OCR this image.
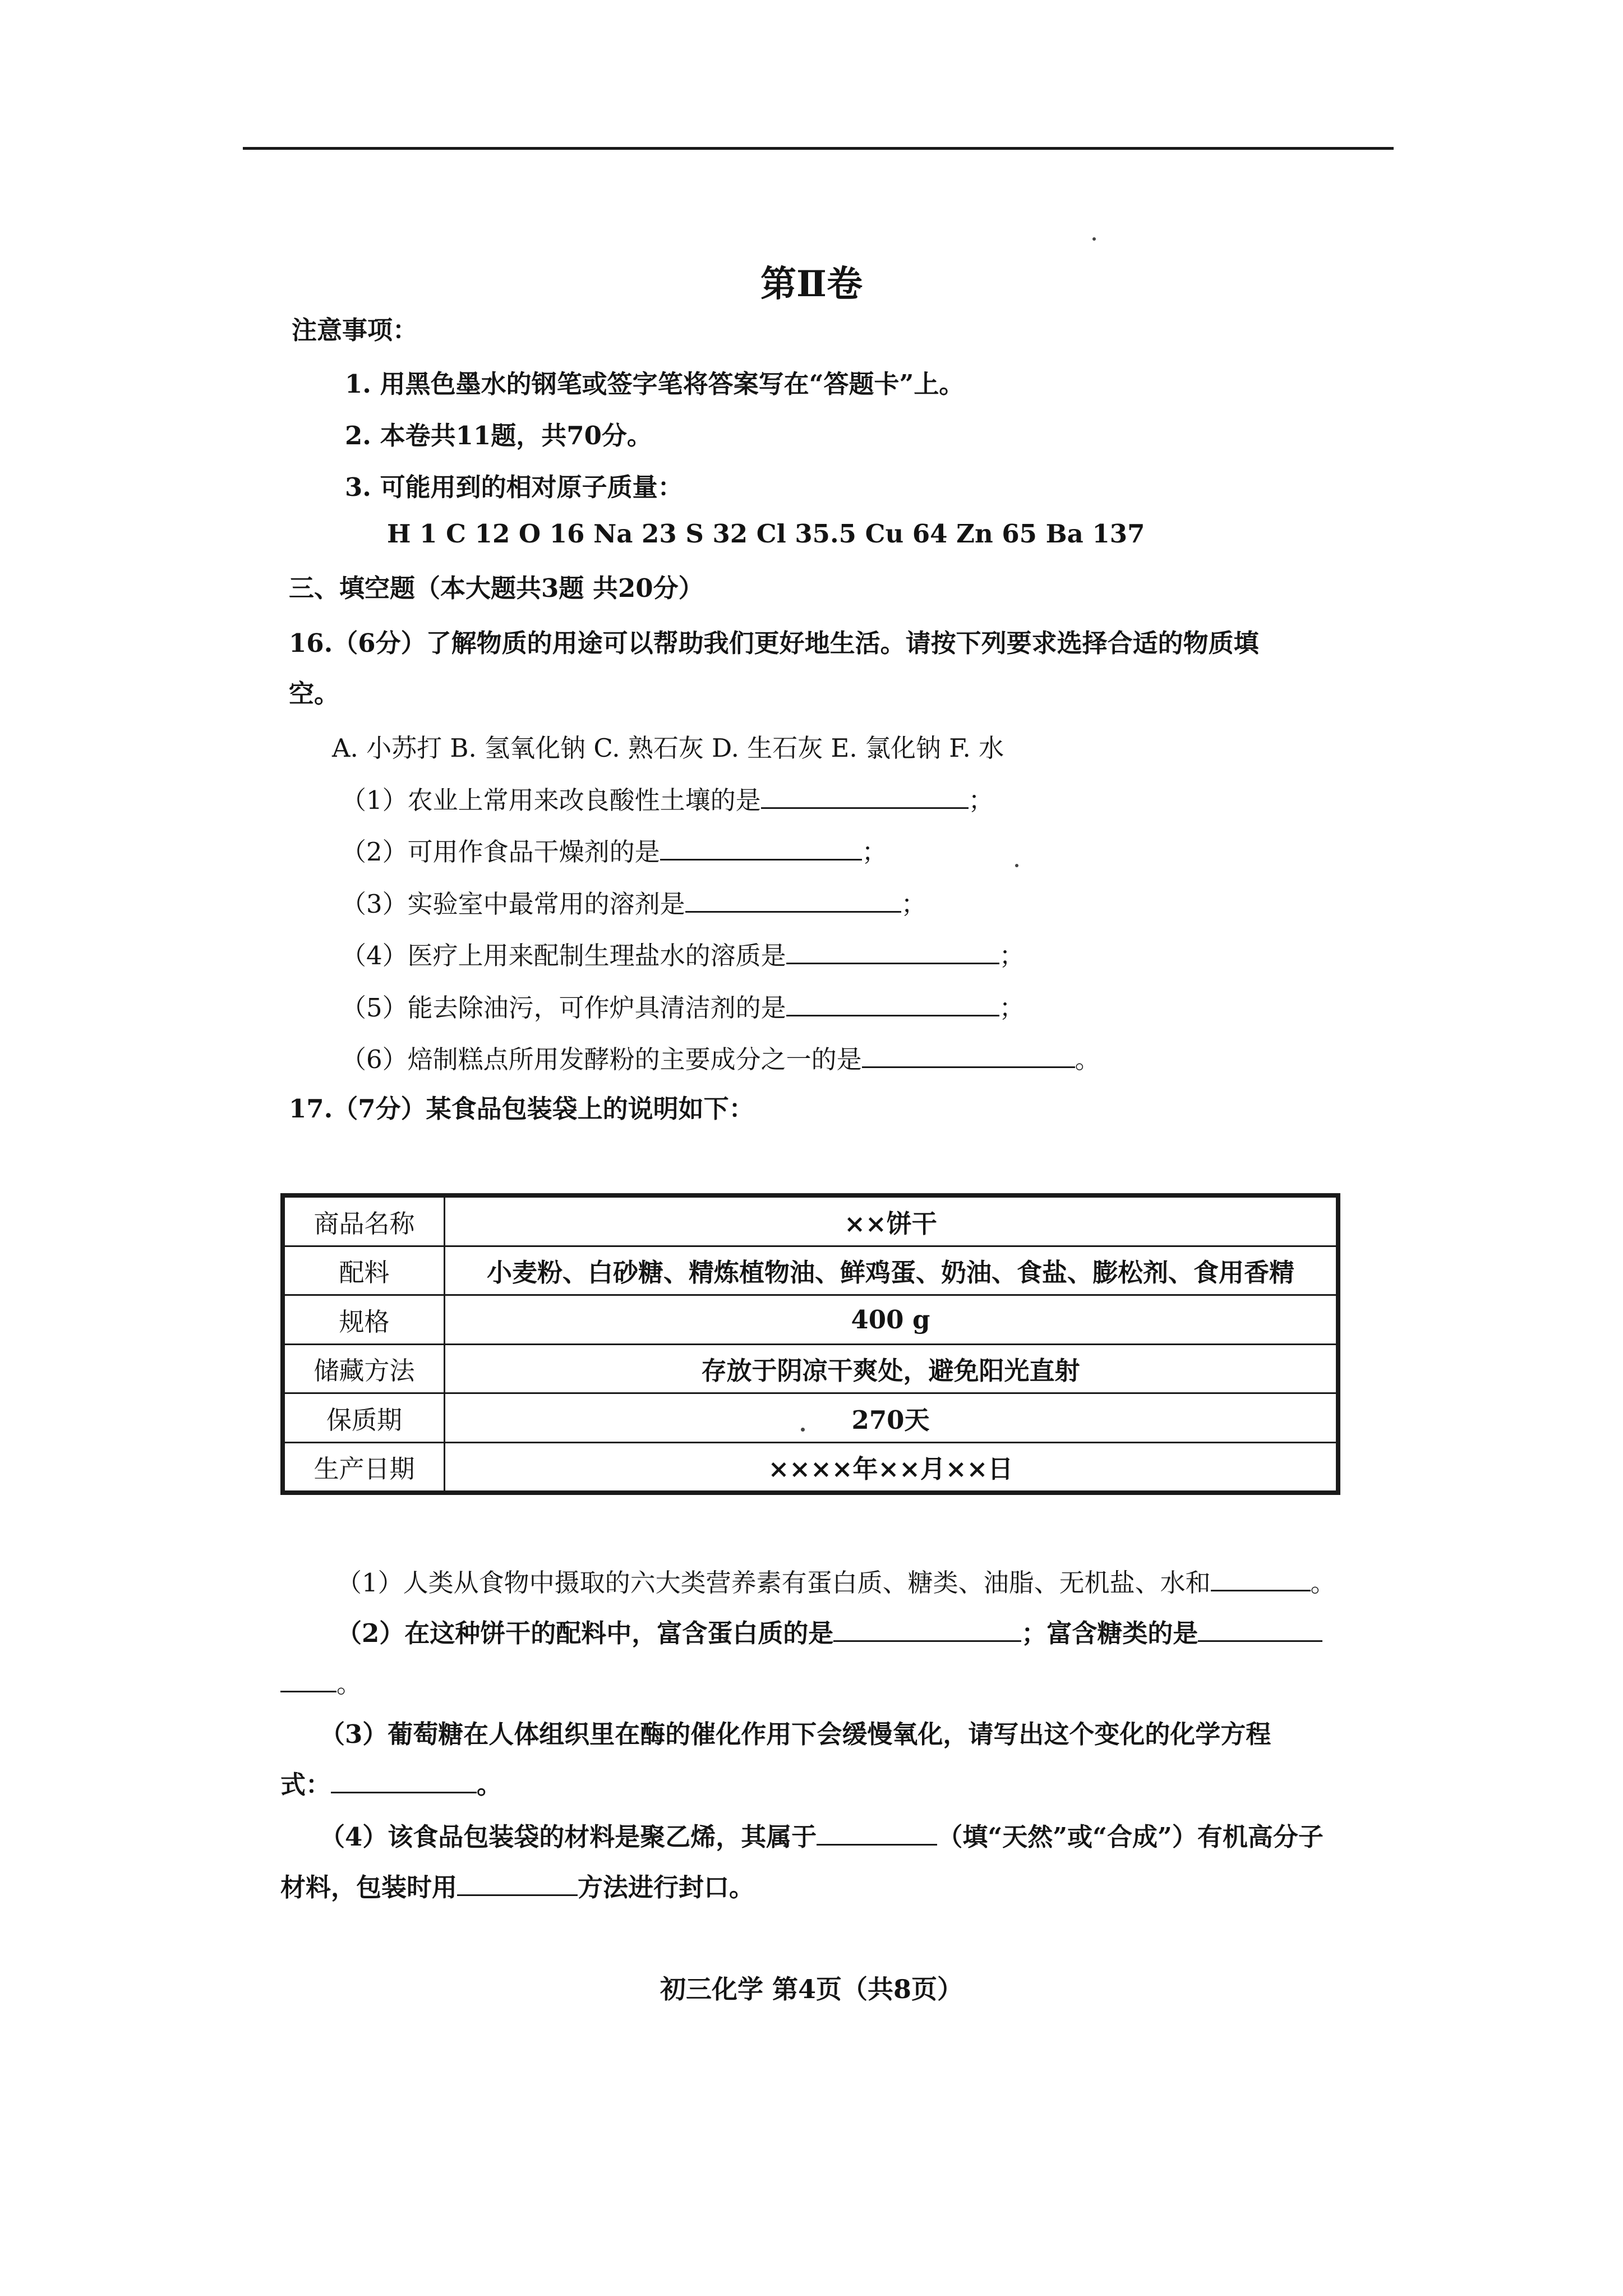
第Ⅱ卷
注意事项：
1. 用黑色墨水的钢笔或签字笔将答案写在“答题卡”上。
2. 本卷共11题，共70分。
3. 可能用到的相对原子质量：
H 1 C 12 O 16 Na 23 S 32 Cl 35.5 Cu 64 Zn 65 Ba 137
三、填空题（本大题共3题 共20分）
16.（6分）了解物质的用途可以帮助我们更好地生活。请按下列要求选择合适的物质填
空。
A. 小苏打 B. 氢氧化钠 C. 熟石灰 D. 生石灰 E. 氯化钠 F. 水
（1）农业上常用来改良酸性土壤的是	；
（2）可用作食品干燥剂的是	；
（3）实验室中最常用的溶剂是	；
（4）医疗上用来配制生理盐水的溶质是	；
（5）能去除油污，可作炉具清洁剂的是	；
（6）焙制糕点所用发酵粉的主要成分之一的是	。
17.（7分）某食品包装袋上的说明如下：
商品名称	××饼干
配料	小麦粉、白砂糖、精炼植物油、鲜鸡蛋、奶油、食盐、膨松剂、食用香精
规格	400 g
储藏方法	存放于阴凉干爽处，避免阳光直射
保质期	270天
生产日期	××××年××月××日
（1）人类从食物中摄取的六大类营养素有蛋白质、糖类、油脂、无机盐、水和	。
（2）在这种饼干的配料中，富含蛋白质的是	；富含糖类的是
。
（3）葡萄糖在人体组织里在酶的催化作用下会缓慢氧化，请写出这个变化的化学方程
式：	。
（4）该食品包装袋的材料是聚乙烯，其属于	（填“天然”或“合成”）有机高分子
材料，包装时用	方法进行封口。
初三化学 第4页（共8页）
